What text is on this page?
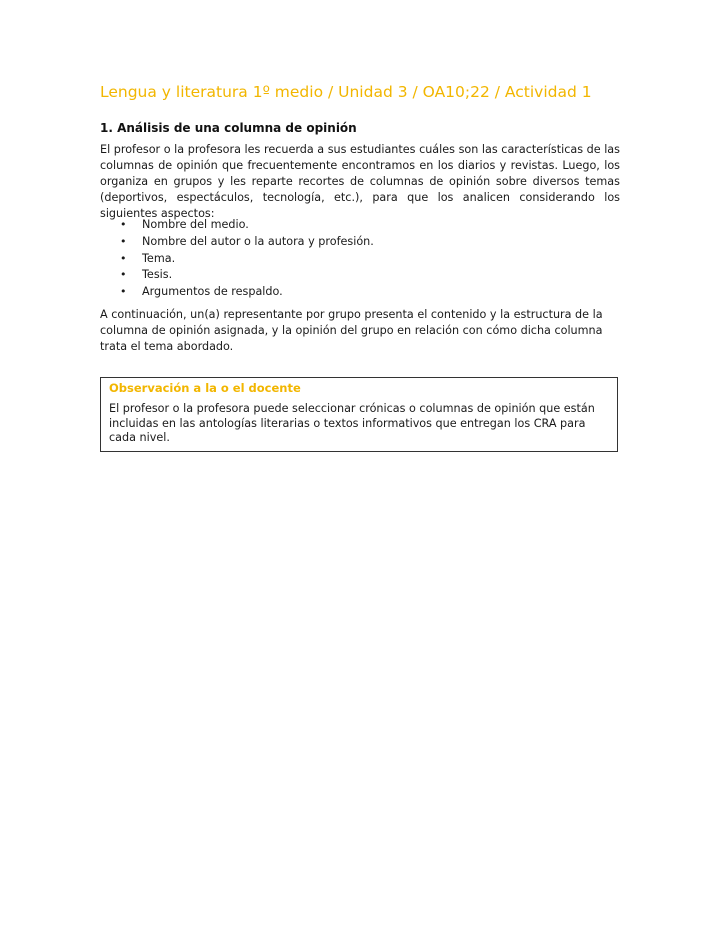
Lengua y literatura 1º medio / Unidad 3 / OA10;22 / Actividad 1
1. Análisis de una columna de opinión

El profesor o la profesora les recuerda a sus estudiantes cuáles son las características de las columnas de opinión que frecuentemente encontramos en los diarios y revistas. Luego, los organiza en grupos y les reparte recortes de columnas de opinión sobre diversos temas (deportivos, espectáculos, tecnología, etc.), para que los analicen considerando los siguientes aspectos:

• Nombre del medio.
• Nombre del autor o la autora y profesión.
• Tema.
• Tesis.
• Argumentos de respaldo.

A continuación, un(a) representante por grupo presenta el contenido y la estructura de la columna de opinión asignada, y la opinión del grupo en relación con cómo dicha columna trata el tema abordado.

Observación a la o el docente

El profesor o la profesora puede seleccionar crónicas o columnas de opinión que están incluidas en las antologías literarias o textos informativos que entregan los CRA para cada nivel.
